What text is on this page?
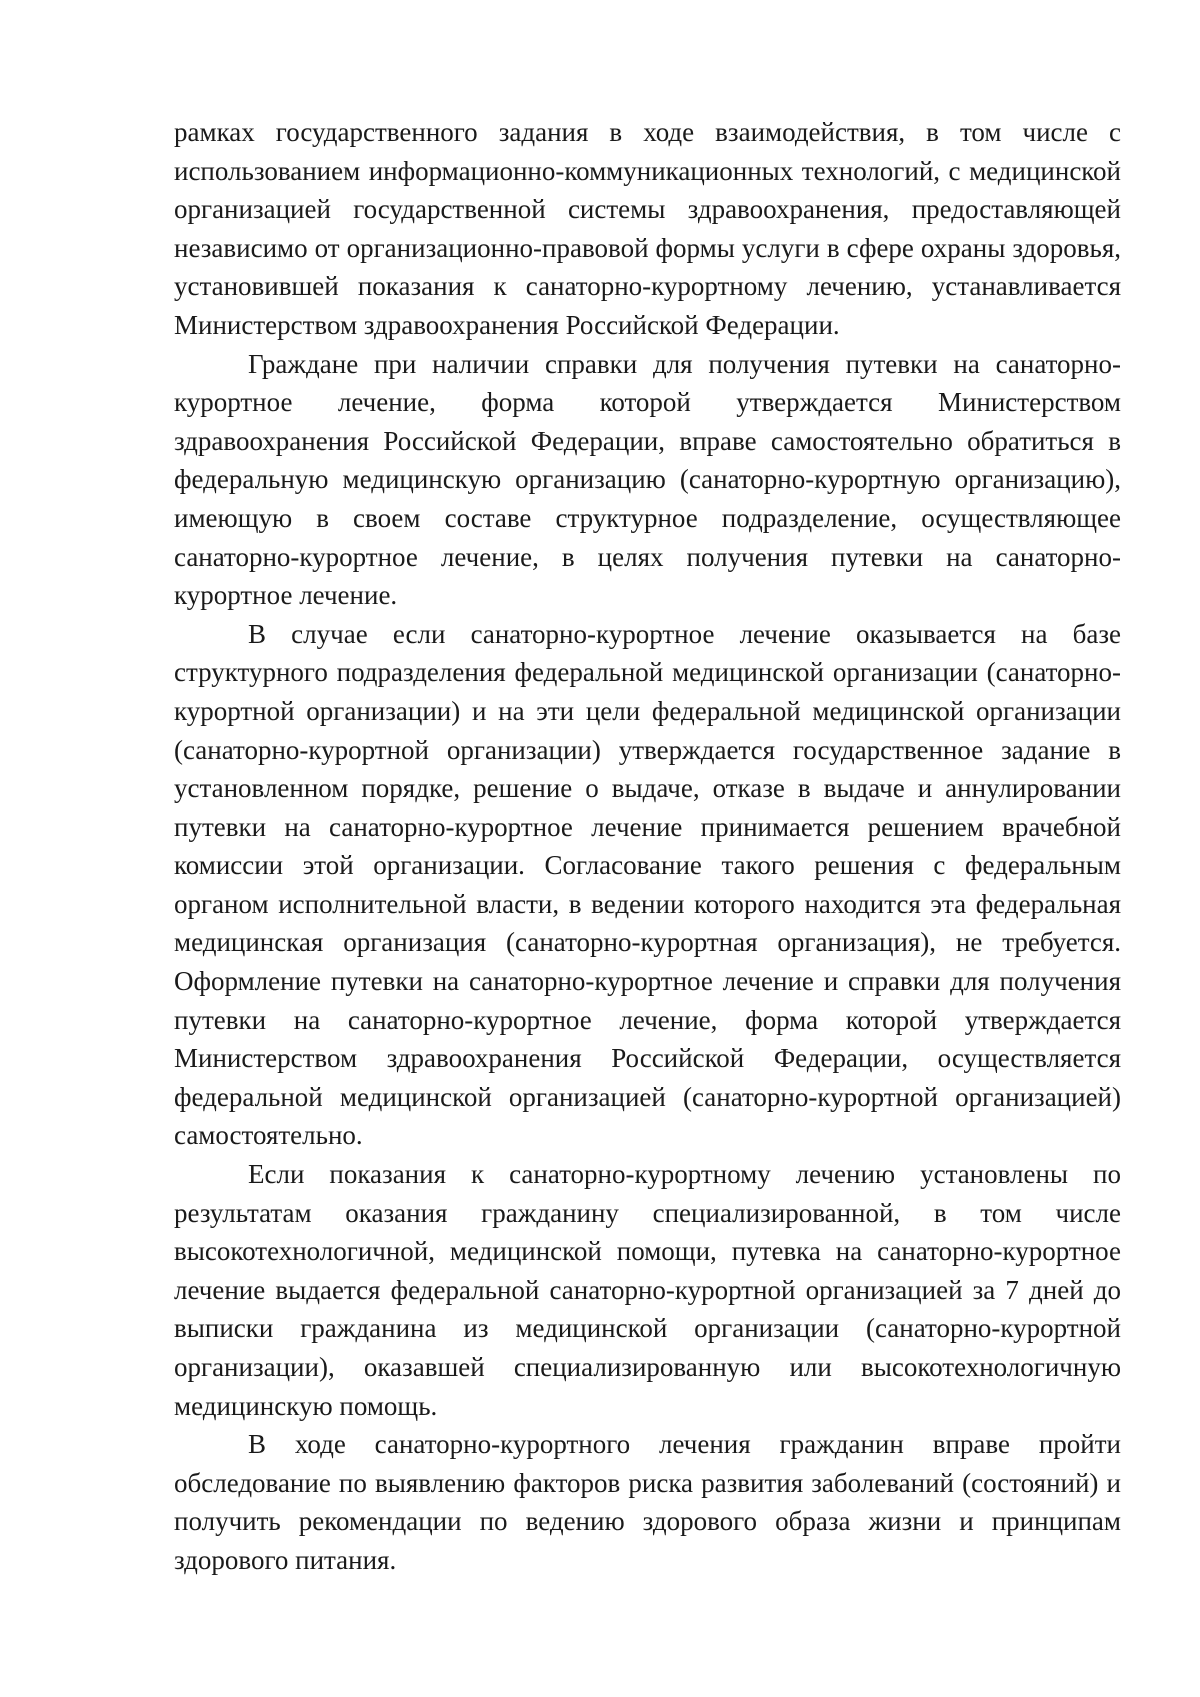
рамках государственного задания в ходе взаимодействия, в том числе с использованием информационно-коммуникационных технологий, с медицинской организацией государственной системы здравоохранения, предоставляющей независимо от организационно-правовой формы услуги в сфере охраны здоровья, установившей показания к санаторно-курортному лечению, устанавливается Министерством здравоохранения Российской Федерации.

Граждане при наличии справки для получения путевки на санаторно-курортное лечение, форма которой утверждается Министерством здравоохранения Российской Федерации, вправе самостоятельно обратиться в федеральную медицинскую организацию (санаторно-курортную организацию), имеющую в своем составе структурное подразделение, осуществляющее санаторно-курортное лечение, в целях получения путевки на санаторно-курортное лечение.

В случае если санаторно-курортное лечение оказывается на базе структурного подразделения федеральной медицинской организации (санаторно-курортной организации) и на эти цели федеральной медицинской организации (санаторно-курортной организации) утверждается государственное задание в установленном порядке, решение о выдаче, отказе в выдаче и аннулировании путевки на санаторно-курортное лечение принимается решением врачебной комиссии этой организации. Согласование такого решения с федеральным органом исполнительной власти, в ведении которого находится эта федеральная медицинская организация (санаторно-курортная организация), не требуется. Оформление путевки на санаторно-курортное лечение и справки для получения путевки на санаторно-курортное лечение, форма которой утверждается Министерством здравоохранения Российской Федерации, осуществляется федеральной медицинской организацией (санаторно-курортной организацией) самостоятельно.

Если показания к санаторно-курортному лечению установлены по результатам оказания гражданину специализированной, в том числе высокотехнологичной, медицинской помощи, путевка на санаторно-курортное лечение выдается федеральной санаторно-курортной организацией за 7 дней до выписки гражданина из медицинской организации (санаторно-курортной организации), оказавшей специализированную или высокотехнологичную медицинскую помощь.

В ходе санаторно-курортного лечения гражданин вправе пройти обследование по выявлению факторов риска развития заболеваний (состояний) и получить рекомендации по ведению здорового образа жизни и принципам здорового питания.
